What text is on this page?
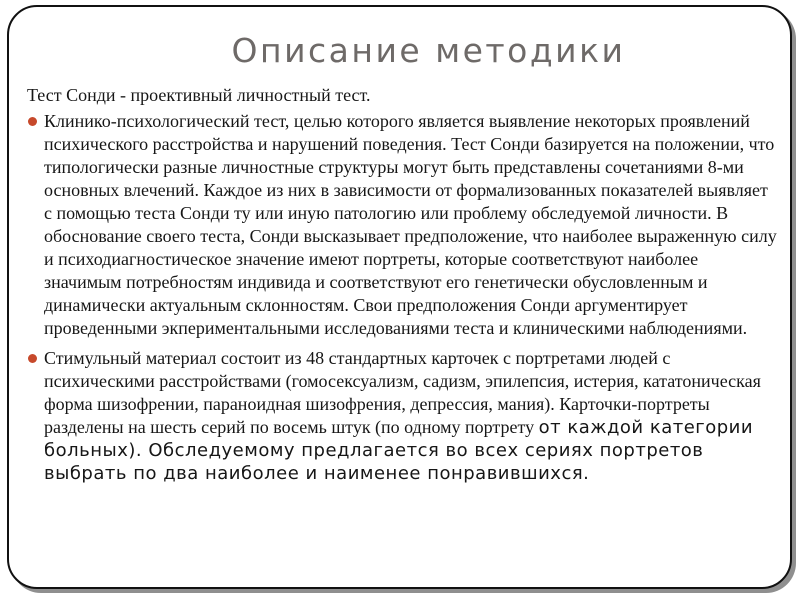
Описание методики

Тест Сонди - проективный личностный тест.

Клинико-психологический тест, целью которого является выявление некоторых проявлений психического расстройства и нарушений поведения. Тест Сонди базируется на положении, что типологически разные личностные структуры могут быть представлены сочетаниями 8-ми основных влечений. Каждое из них в зависимости от формализованных показателей выявляет с помощью теста Сонди ту или иную патологию или проблему обследуемой личности. В обоснование своего теста, Сонди высказывает предположение, что наиболее выраженную силу и психодиагностическое значение имеют портреты, которые соответствуют наиболее значимым потребностям индивида и соответствуют его генетически обусловленным и динамически актуальным склонностям. Свои предположения Сонди аргументирует проведенными экпериментальными исследованиями теста и клиническими наблюдениями.
Стимульный материал состоит из 48 стандартных карточек с портретами людей с психическими расстройствами (гомосексуализм, садизм, эпилепсия, истерия, кататоническая форма шизофрении, параноидная шизофрения, депрессия, мания). Карточки-портреты разделены на шесть серий по восемь штук (по одному портрету от каждой категории больных). Обследуемому предлагается во всех сериях портретов выбрать по два наиболее и наименее понравившихся.
